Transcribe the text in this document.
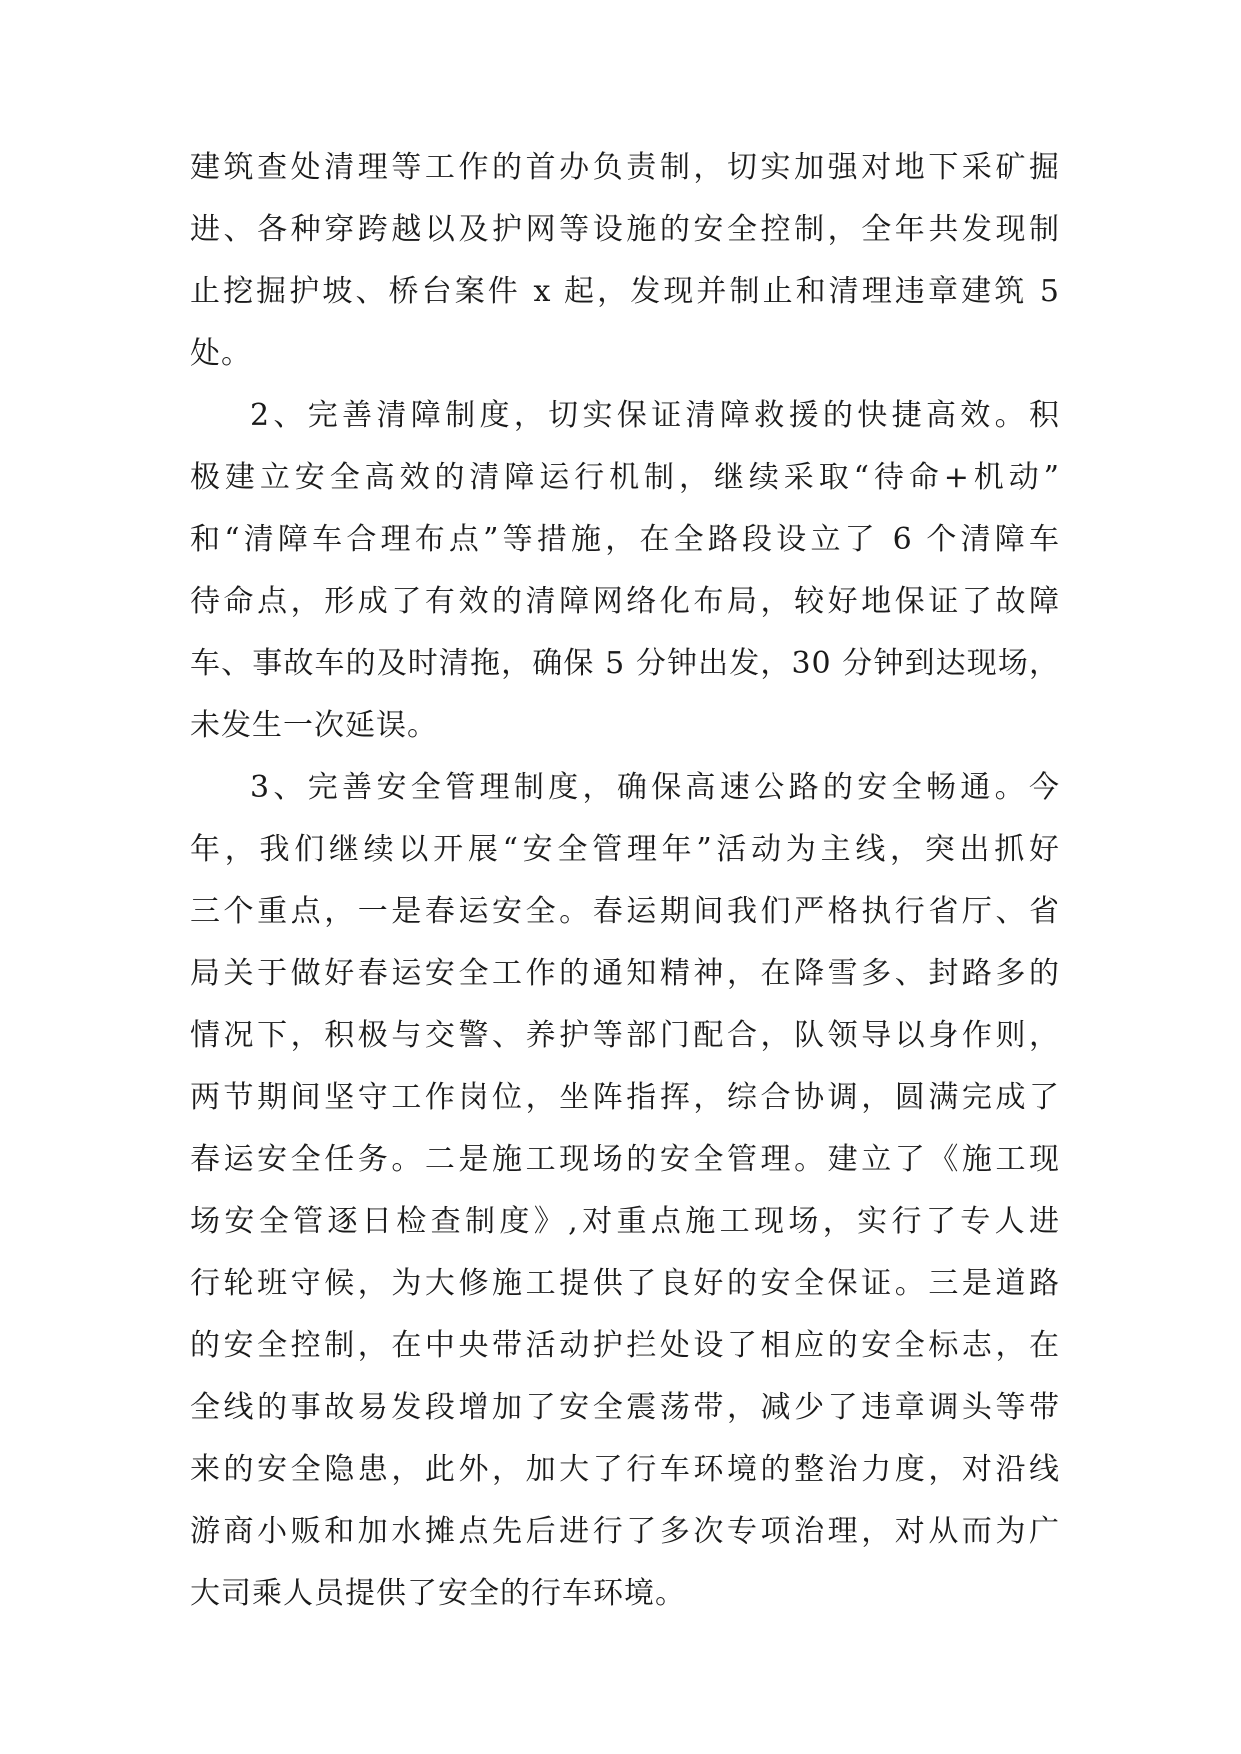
建筑查处清理等工作的首办负责制，切实加强对地下采矿掘
进、各种穿跨越以及护网等设施的安全控制，全年共发现制
止挖掘护坡、桥台案件 x 起，发现并制止和清理违章建筑 5
处。
2、完善清障制度，切实保证清障救援的快捷高效。积
极建立安全高效的清障运行机制，继续采取“待命+机动”
和“清障车合理布点”等措施，在全路段设立了 6 个清障车
待命点，形成了有效的清障网络化布局，较好地保证了故障
车、事故车的及时清拖，确保 5 分钟出发，30 分钟到达现场，
未发生一次延误。
3、完善安全管理制度，确保高速公路的安全畅通。今
年，我们继续以开展“安全管理年”活动为主线，突出抓好
三个重点，一是春运安全。春运期间我们严格执行省厅、省
局关于做好春运安全工作的通知精神，在降雪多、封路多的
情况下，积极与交警、养护等部门配合，队领导以身作则，
两节期间坚守工作岗位，坐阵指挥，综合协调，圆满完成了
春运安全任务。二是施工现场的安全管理。建立了《施工现
场安全管逐日检查制度》,对重点施工现场，实行了专人进
行轮班守候，为大修施工提供了良好的安全保证。三是道路
的安全控制，在中央带活动护拦处设了相应的安全标志，在
全线的事故易发段增加了安全震荡带，减少了违章调头等带
来的安全隐患，此外，加大了行车环境的整治力度，对沿线
游商小贩和加水摊点先后进行了多次专项治理，对从而为广
大司乘人员提供了安全的行车环境。
